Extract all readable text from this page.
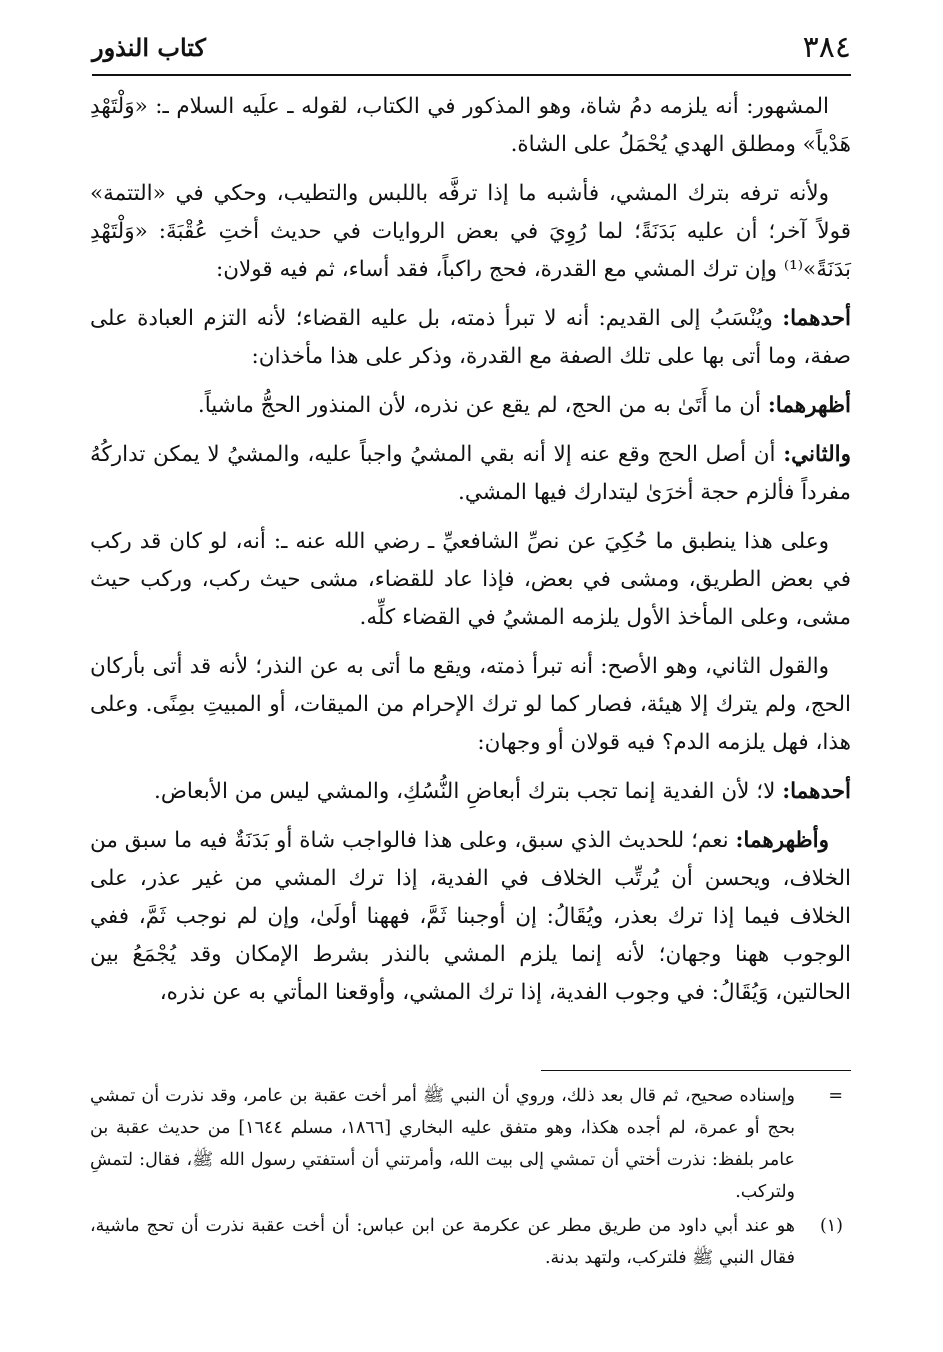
٣٨٤
كتاب النذور

المشهور: أنه يلزمه دمُ شاة، وهو المذكور في الكتاب، لقوله ـ علَيه السلام ـ: «وَلْتَهْدِ هَدْياً» ومطلق الهدي يُحْمَلُ على الشاة.

ولأنه ترفه بترك المشي، فأشبه ما إذا ترفَّه باللبس والتطيب، وحكي في «التتمة» قولاً آخر؛ أن عليه بَدَنَةً؛ لما رُوِيَ في بعض الروايات في حديث أختِ عُقْبَةَ: «وَلْتَهْدِ بَدَنَةً»⁽¹⁾ وإن ترك المشي مع القدرة، فحج راكباً، فقد أساء، ثم فيه قولان:

أحدهما: ويُنْسَبُ إلى القديم: أنه لا تبرأ ذمته، بل عليه القضاء؛ لأنه التزم العبادة على صفة، وما أتى بها على تلك الصفة مع القدرة، وذكر على هذا مأخذان:

أظهرهما: أن ما أَتَىٰ به من الحج، لم يقع عن نذره، لأن المنذور الحجُّ ماشياً.

والثاني: أن أصل الحج وقع عنه إلا أنه بقي المشيُ واجباً عليه، والمشيُ لا يمكن تداركُهُ مفرداً فألزم حجة أخرَىٰ ليتدارك فيها المشي.

وعلى هذا ينطبق ما حُكِيَ عن نصِّ الشافعيِّ ـ رضي الله عنه ـ: أنه، لو كان قد ركب في بعض الطريق، ومشى في بعض، فإذا عاد للقضاء، مشى حيث ركب، وركب حيث مشى، وعلى المأخذ الأول يلزمه المشيُ في القضاء كلِّه.

والقول الثاني، وهو الأصح: أنه تبرأ ذمته، ويقع ما أتى به عن النذر؛ لأنه قد أتى بأركان الحج، ولم يترك إلا هيئة، فصار كما لو ترك الإحرام من الميقات، أو المبيتِ بمِنًى. وعلى هذا، فهل يلزمه الدم؟ فيه قولان أو وجهان:

أحدهما: لا؛ لأن الفدية إنما تجب بترك أبعاضِ النُّسُكِ، والمشي ليس من الأبعاض.

وأظهرهما: نعم؛ للحديث الذي سبق، وعلى هذا فالواجب شاة أو بَدَنَةٌ فيه ما سبق من الخلاف، ويحسن أن يُرتِّب الخلاف في الفدية، إذا ترك المشي من غير عذر، على الخلاف فيما إذا ترك بعذر، ويُقَالُ: إن أوجبنا ثَمَّ، فههنا أولَىٰ، وإن لم نوجب ثَمَّ، ففي الوجوب ههنا وجهان؛ لأنه إنما يلزم المشي بالنذر بشرط الإمكان وقد يُجْمَعُ بين الحالتين، وَيُقَالُ: في وجوب الفدية، إذا ترك المشي، وأوقعنا المأتي به عن نذره،

=
وإسناده صحيح، ثم قال بعد ذلك، وروي أن النبي ﷺ أمر أخت عقبة بن عامر، وقد نذرت أن تمشي بحج أو عمرة، لم أجده هكذا، وهو متفق عليه البخاري [١٨٦٦، مسلم ١٦٤٤] من حديث عقبة بن عامر بلفظ: نذرت أختي أن تمشي إلى بيت الله، وأمرتني أن أستفتي رسول الله ﷺ، فقال: لتمشِ ولتركب.
(١)
هو عند أبي داود من طريق مطر عن عكرمة عن ابن عباس: أن أخت عقبة نذرت أن تحج ماشية، فقال النبي ﷺ فلتركب، ولتهد بدنة.
